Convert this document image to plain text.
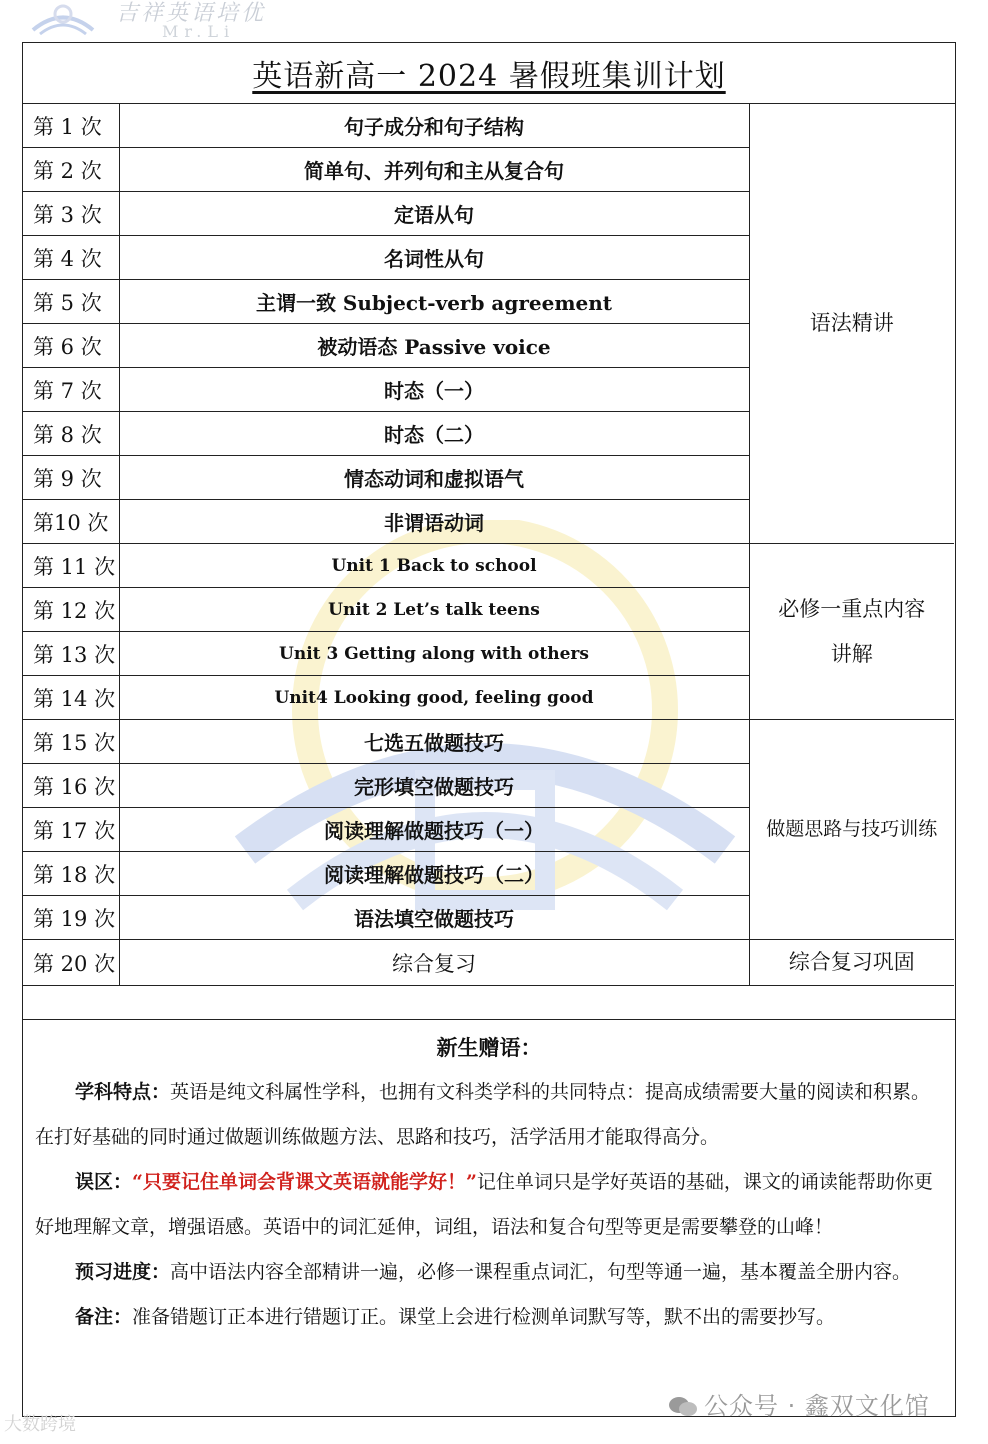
吉祥英语培优
Mr.Li
英语新高一 2024 暑假班集训计划
第 1 次	句子成分和句子结构	语法精讲
第 2 次	简单句、并列句和主从复合句	
第 3 次	定语从句	
第 4 次	名词性从句	
第 5 次	主谓一致 Subject-verb agreement	
第 6 次	被动语态 Passive voice	
第 7 次	时态（一）	
第 8 次	时态（二）	
第 9 次	情态动词和虚拟语气	
第10 次	非谓语动词	
第 11 次	Unit 1 Back to school	必修一重点内容
讲解

第 12 次	Unit 2 Let’s talk teens	
第 13 次	Unit 3 Getting along with others	
第 14 次	Unit4 Looking good, feeling good	
第 15 次	七选五做题技巧	做题思路与技巧训练
第 16 次	完形填空做题技巧	
第 17 次	阅读理解做题技巧（一）	
第 18 次	阅读理解做题技巧（二）	
第 19 次	语法填空做题技巧	
第 20 次	综合复习	综合复习巩固
新生赠语：

学科特点：英语是纯文科属性学科，也拥有文科类学科的共同特点：提高成绩需要大量的阅读和积累。在打好基础的同时通过做题训练做题方法、思路和技巧，活学活用才能取得高分。

误区：“只要记住单词会背课文英语就能学好！”记住单词只是学好英语的基础，课文的诵读能帮助你更好地理解文章，增强语感。英语中的词汇延伸，词组，语法和复合句型等更是需要攀登的山峰！

预习进度：高中语法内容全部精讲一遍，必修一课程重点词汇，句型等通一遍，基本覆盖全册内容。

备注：准备错题订正本进行错题订正。课堂上会进行检测单词默写等，默不出的需要抄写。

大数跨境
公众号 · 鑫双文化馆
